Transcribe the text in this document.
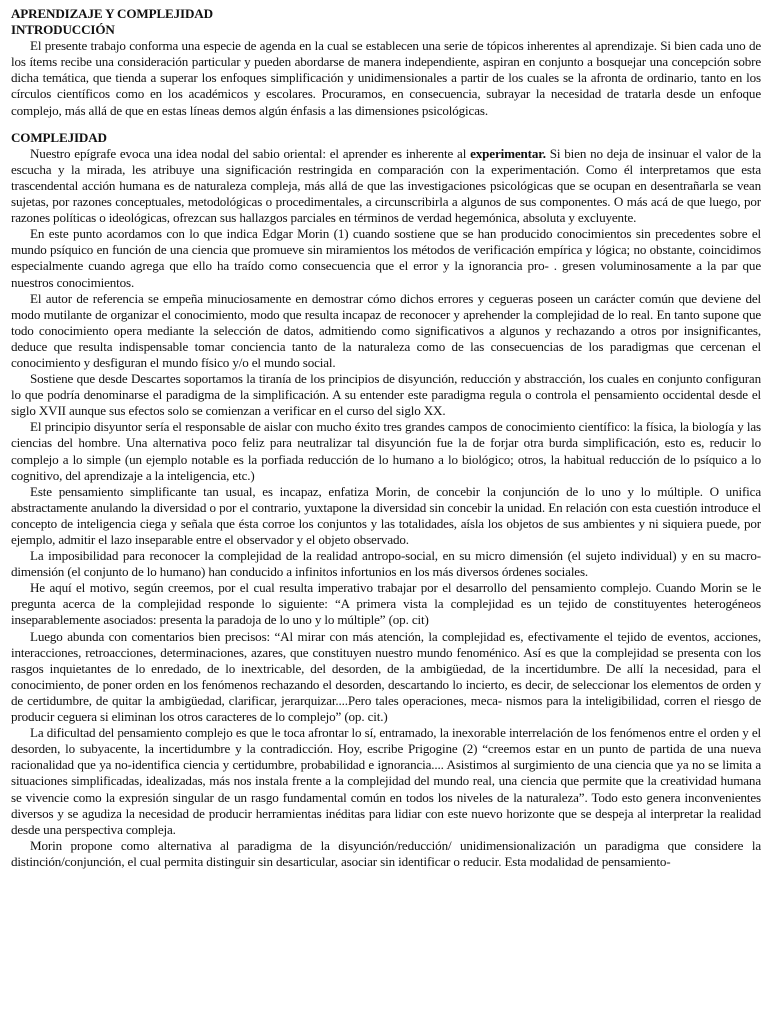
APRENDIZAJE Y COMPLEJIDAD
INTRODUCCIÓN

El presente trabajo conforma una especie de agenda en la cual se establecen una serie de tópicos inherentes al aprendizaje. Si bien cada uno de los ítems recibe una consideración particular y pueden abordarse de manera independiente, aspiran en conjunto a bosquejar una concepción sobre dicha temática, que tienda a superar los enfoques simplificación y unidimensionales a partir de los cuales se la afronta de ordinario, tanto en los círculos científicos como en los académicos y escolares. Procuramos, en consecuencia, subrayar la necesidad de tratarla desde un enfoque complejo, más allá de que en estas líneas demos algún énfasis a las dimensiones psicológicas.

COMPLEJIDAD

Nuestro epígrafe evoca una idea nodal del sabio oriental: el aprender es inherente al experimentar. Si bien no deja de insinuar el valor de la escucha y la mirada, les atribuye una significación restringida en comparación con la experimentación. Como él interpretamos que esta trascendental acción humana es de naturaleza compleja, más allá de que las investigaciones psicológicas que se ocupan en desentrañarla se vean sujetas, por razones conceptuales, metodológicas o procedimentales, a circunscribirla a algunos de sus componentes. O más acá de que luego, por razones políticas o ideológicas, ofrezcan sus hallazgos parciales en términos de verdad hegemónica, absoluta y excluyente.

En este punto acordamos con lo que indica Edgar Morin (1) cuando sostiene que se han producido conocimientos sin precedentes sobre el mundo psíquico en función de una ciencia que promueve sin miramientos los métodos de verificación empírica y lógica; no obstante, coincidimos especialmente cuando agrega que ello ha traído como consecuencia que el error y la ignorancia pro- . gresen voluminosamente a la par que nuestros conocimientos.

El autor de referencia se empeña minuciosamente en demostrar cómo dichos errores y cegueras poseen un carácter común que deviene del modo mutilante de organizar el conocimiento, modo que resulta incapaz de reconocer y aprehender la complejidad de lo real. En tanto supone que todo conocimiento opera mediante la selección de datos, admitiendo como significativos a algunos y rechazando a otros por insignificantes, deduce que resulta indispensable tomar conciencia tanto de la naturaleza como de las consecuencias de los paradigmas que cercenan el conocimiento y desfiguran el mundo físico y/o el mundo social.

Sostiene que desde Descartes soportamos la tiranía de los principios de disyunción, reducción y abstracción, los cuales en conjunto configuran lo que podría denominarse el paradigma de la simplificación. A su entender este paradigma regula o controla el pensamiento occidental desde el siglo XVII aunque sus efectos solo se comienzan a verificar en el curso del siglo XX.

El principio disyuntor sería el responsable de aislar con mucho éxito tres grandes campos de conocimiento científico: la física, la biología y las ciencias del hombre. Una alternativa poco feliz para neutralizar tal disyunción fue la de forjar otra burda simplificación, esto es, reducir lo complejo a lo simple (un ejemplo notable es la porfiada reducción de lo humano a lo biológico; otros, la habitual reducción de lo psíquico a lo cognitivo, del aprendizaje a la inteligencia, etc.)

Este pensamiento simplificante tan usual, es incapaz, enfatiza Morin, de concebir la conjunción de lo uno y lo múltiple. O unifica abstractamente anulando la diversidad o por el contrario, yuxtapone la diversidad sin concebir la unidad. En relación con esta cuestión introduce el concepto de inteligencia ciega y señala que ésta corroe los conjuntos y las totalidades, aísla los objetos de sus ambientes y ni siquiera puede, por ejemplo, admitir el lazo inseparable entre el observador y el objeto observado.

La imposibilidad para reconocer la complejidad de la realidad antropo-social, en su micro dimensión (el sujeto individual) y en su macro-dimensión (el conjunto de lo humano) han conducido a infinitos infortunios en los más diversos órdenes sociales.

He aquí el motivo, según creemos, por el cual resulta imperativo trabajar por el desarrollo del pensamiento complejo. Cuando Morin se le pregunta acerca de la complejidad responde lo siguiente: “A primera vista la complejidad es un tejido de constituyentes heterogéneos inseparablemente asociados: presenta la paradoja de lo uno y lo múltiple” (op. cit)

Luego abunda con comentarios bien precisos: “Al mirar con más atención, la complejidad es, efectivamente el tejido de eventos, acciones, interacciones, retroacciones, determinaciones, azares, que constituyen nuestro mundo fenoménico. Así es que la complejidad se presenta con los rasgos inquietantes de lo enredado, de lo inextricable, del desorden, de la ambigüedad, de la incertidumbre. De allí la necesidad, para el conocimiento, de poner orden en los fenómenos rechazando el desorden, descartando lo incierto, es decir, de seleccionar los elementos de orden y de certidumbre, de quitar la ambigüedad, clarificar, jerarquizar....Pero tales operaciones, meca- nismos para la inteligibilidad, corren el riesgo de producir ceguera si eliminan los otros caracteres de lo complejo” (op. cit.)

La dificultad del pensamiento complejo es que le toca afrontar lo sí, entramado, la inexorable interrelación de los fenómenos entre el orden y el desorden, lo subyacente, la incertidumbre y la contradicción. Hoy, escribe Prigogine (2) “creemos estar en un punto de partida de una nueva racionalidad que ya no-identifica ciencia y certidumbre, probabilidad e ignorancia.... Asistimos al surgimiento de una ciencia que ya no se limita a situaciones simplificadas, idealizadas, más nos instala frente a la complejidad del mundo real, una ciencia que permite que la creatividad humana se vivencie como la expresión singular de un rasgo fundamental común en todos los niveles de la naturaleza”. Todo esto genera inconvenientes diversos y se agudiza la necesidad de producir herramientas inéditas para lidiar con este nuevo horizonte que se despeja al interpretar la realidad desde una perspectiva compleja.

Morin propone como alternativa al paradigma de la disyunción/reducción/ unidimensionalización un paradigma que considere la distinción/conjunción, el cual permita distinguir sin desarticular, asociar sin identificar o reducir. Esta modalidad de pensamiento-
